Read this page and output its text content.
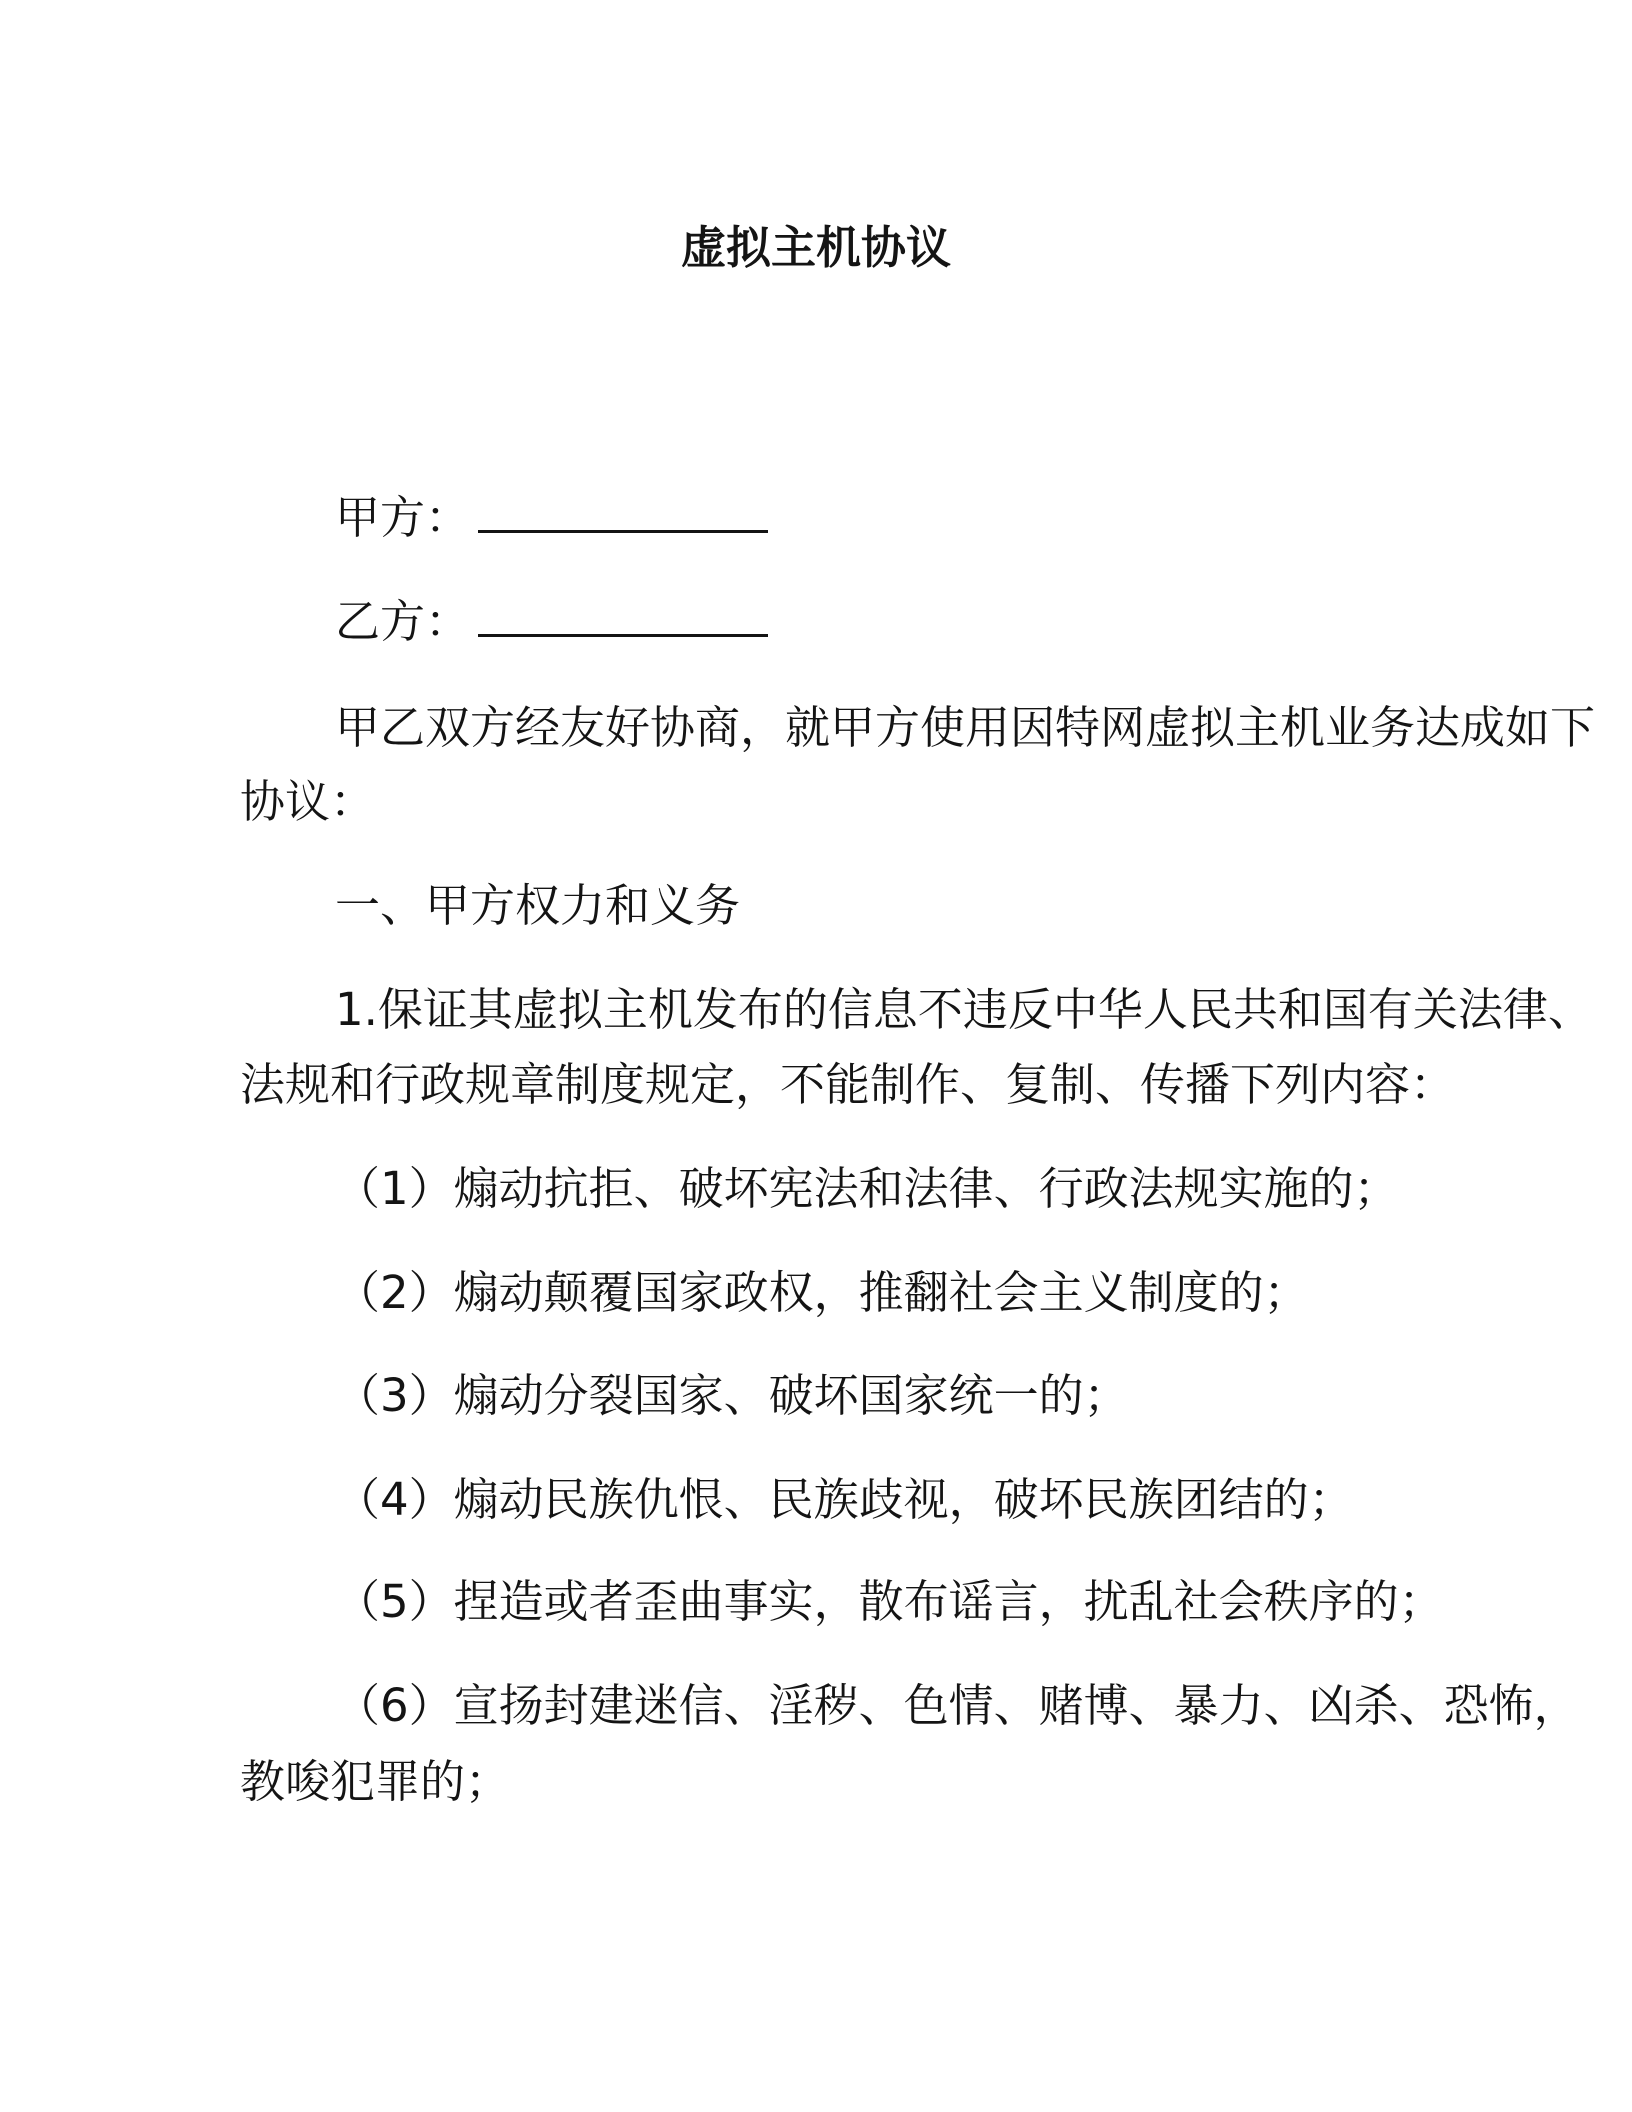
虚拟主机协议
甲方：
乙方：
甲乙双方经友好协商，就甲方使用因特网虚拟主机业务达成如下
协议：
一、甲方权力和义务
1.保证其虚拟主机发布的信息不违反中华人民共和国有关法律、
法规和行政规章制度规定，不能制作、复制、传播下列内容：
（1）煽动抗拒、破坏宪法和法律、行政法规实施的；
（2）煽动颠覆国家政权，推翻社会主义制度的；
（3）煽动分裂国家、破坏国家统一的；
（4）煽动民族仇恨、民族歧视，破坏民族团结的；
（5）捏造或者歪曲事实，散布谣言，扰乱社会秩序的；
（6）宣扬封建迷信、淫秽、色情、赌博、暴力、凶杀、恐怖，
教唆犯罪的；
